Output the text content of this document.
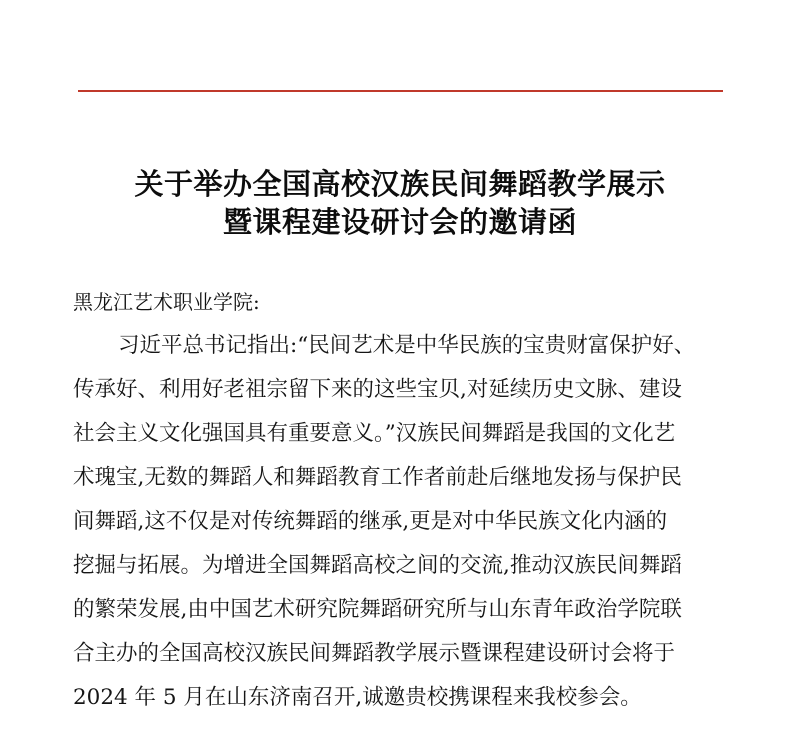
关于举办全国高校汉族民间舞蹈教学展示
暨课程建设研讨会的邀请函
黑龙江艺术职业学院:
习近平总书记指出:“民间艺术是中华民族的宝贵财富保护好、
传承好、利用好老祖宗留下来的这些宝贝,对延续历史文脉、建设
社会主义文化强国具有重要意义。”汉族民间舞蹈是我国的文化艺
术瑰宝,无数的舞蹈人和舞蹈教育工作者前赴后继地发扬与保护民
间舞蹈,这不仅是对传统舞蹈的继承,更是对中华民族文化内涵的
挖掘与拓展。为增进全国舞蹈高校之间的交流,推动汉族民间舞蹈
的繁荣发展,由中国艺术研究院舞蹈研究所与山东青年政治学院联
合主办的全国高校汉族民间舞蹈教学展示暨课程建设研讨会将于
2024 年 5 月在山东济南召开,诚邀贵校携课程来我校参会。
